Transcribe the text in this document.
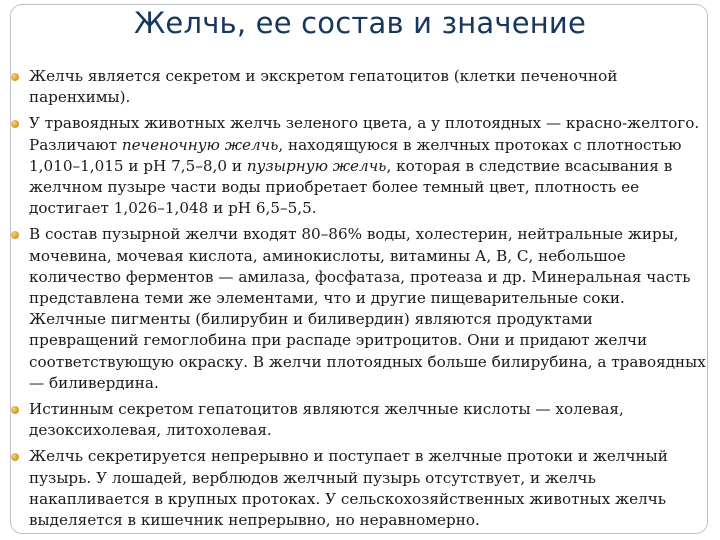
Желчь, ее состав и значение
Желчь является секретом и экскретом гепатоцитов (клетки печеночной паренхимы).
У травоядных животных желчь зеленого цвета, а у плотоядных — красно-желтого. Различают печеночную желчь, находящуюся в желчных протоках с плотностью 1,010–1,015 и рН 7,5–8,0 и пузырную желчь, которая в следствие всасывания в желчном пузыре части воды приобретает более темный цвет, плотность ее достигает 1,026–1,048 и рН 6,5–5,5.
В состав пузырной желчи входят 80–86% воды, холестерин, нейтральные жиры, мочевина, мочевая кислота, аминокислоты, витамины А, В, С, небольшое количество ферментов — амилаза, фосфатаза, протеаза и др. Минеральная часть представлена теми же элементами, что и другие пищеварительные соки. Желчные пигменты (билирубин и биливердин) являются продуктами превращений гемоглобина при распаде эритроцитов. Они и придают желчи соответствующую окраску. В желчи плотоядных больше билирубина, а травоядных — биливердина.
Истинным секретом гепатоцитов являются желчные кислоты — холевая, дезоксихолевая, литохолевая.
Желчь секретируется непрерывно и поступает в желчные протоки и желчный пузырь. У лошадей, верблюдов желчный пузырь отсутствует, и желчь накапливается в крупных протоках. У сельскохозяйственных животных желчь выделяется в кишечник непрерывно, но неравномерно.
